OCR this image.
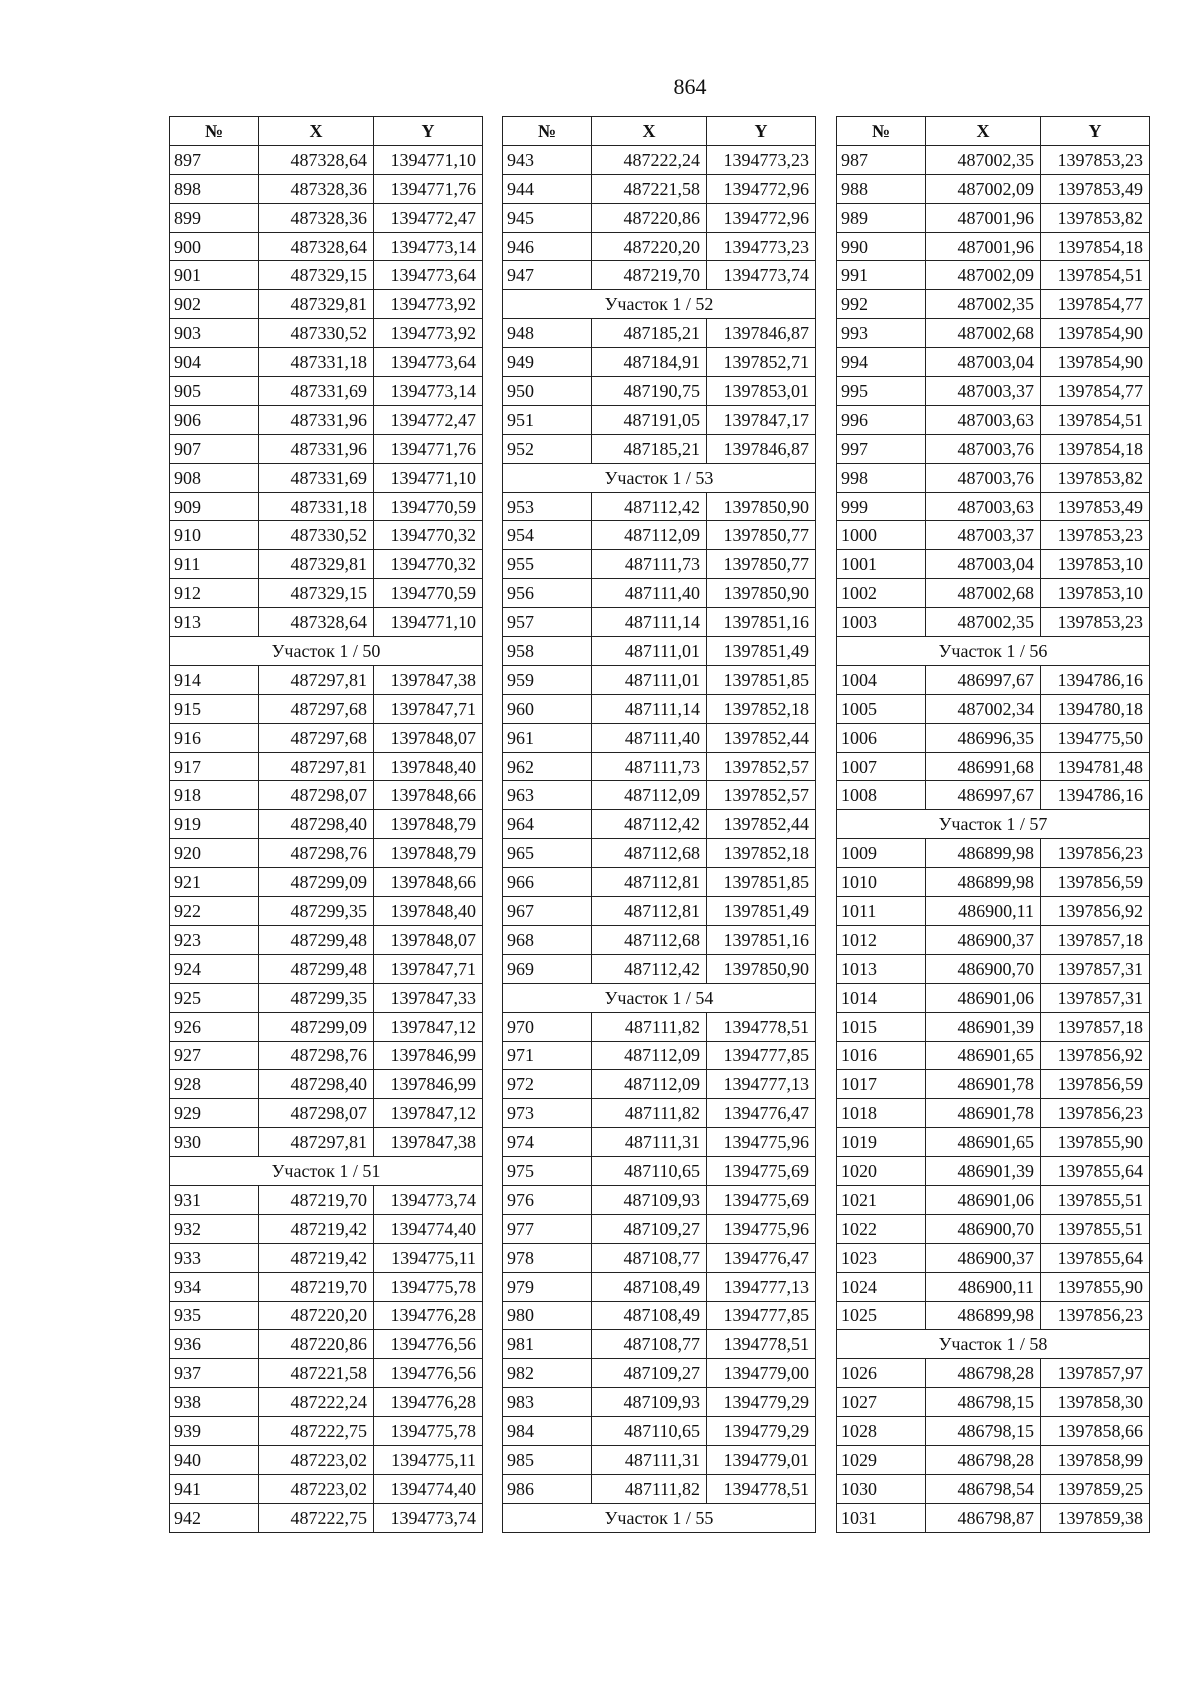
864
№	X	Y
897	487328,64	1394771,10
898	487328,36	1394771,76
899	487328,36	1394772,47
900	487328,64	1394773,14
901	487329,15	1394773,64
902	487329,81	1394773,92
903	487330,52	1394773,92
904	487331,18	1394773,64
905	487331,69	1394773,14
906	487331,96	1394772,47
907	487331,96	1394771,76
908	487331,69	1394771,10
909	487331,18	1394770,59
910	487330,52	1394770,32
911	487329,81	1394770,32
912	487329,15	1394770,59
913	487328,64	1394771,10
Участок 1 / 50		
914	487297,81	1397847,38
915	487297,68	1397847,71
916	487297,68	1397848,07
917	487297,81	1397848,40
918	487298,07	1397848,66
919	487298,40	1397848,79
920	487298,76	1397848,79
921	487299,09	1397848,66
922	487299,35	1397848,40
923	487299,48	1397848,07
924	487299,48	1397847,71
925	487299,35	1397847,33
926	487299,09	1397847,12
927	487298,76	1397846,99
928	487298,40	1397846,99
929	487298,07	1397847,12
930	487297,81	1397847,38
Участок 1 / 51		
931	487219,70	1394773,74
932	487219,42	1394774,40
933	487219,42	1394775,11
934	487219,70	1394775,78
935	487220,20	1394776,28
936	487220,86	1394776,56
937	487221,58	1394776,56
938	487222,24	1394776,28
939	487222,75	1394775,78
940	487223,02	1394775,11
941	487223,02	1394774,40
942	487222,75	1394773,74
№	X	Y
943	487222,24	1394773,23
944	487221,58	1394772,96
945	487220,86	1394772,96
946	487220,20	1394773,23
947	487219,70	1394773,74
Участок 1 / 52		
948	487185,21	1397846,87
949	487184,91	1397852,71
950	487190,75	1397853,01
951	487191,05	1397847,17
952	487185,21	1397846,87
Участок 1 / 53		
953	487112,42	1397850,90
954	487112,09	1397850,77
955	487111,73	1397850,77
956	487111,40	1397850,90
957	487111,14	1397851,16
958	487111,01	1397851,49
959	487111,01	1397851,85
960	487111,14	1397852,18
961	487111,40	1397852,44
962	487111,73	1397852,57
963	487112,09	1397852,57
964	487112,42	1397852,44
965	487112,68	1397852,18
966	487112,81	1397851,85
967	487112,81	1397851,49
968	487112,68	1397851,16
969	487112,42	1397850,90
Участок 1 / 54		
970	487111,82	1394778,51
971	487112,09	1394777,85
972	487112,09	1394777,13
973	487111,82	1394776,47
974	487111,31	1394775,96
975	487110,65	1394775,69
976	487109,93	1394775,69
977	487109,27	1394775,96
978	487108,77	1394776,47
979	487108,49	1394777,13
980	487108,49	1394777,85
981	487108,77	1394778,51
982	487109,27	1394779,00
983	487109,93	1394779,29
984	487110,65	1394779,29
985	487111,31	1394779,01
986	487111,82	1394778,51
Участок 1 / 55		
№	X	Y
987	487002,35	1397853,23
988	487002,09	1397853,49
989	487001,96	1397853,82
990	487001,96	1397854,18
991	487002,09	1397854,51
992	487002,35	1397854,77
993	487002,68	1397854,90
994	487003,04	1397854,90
995	487003,37	1397854,77
996	487003,63	1397854,51
997	487003,76	1397854,18
998	487003,76	1397853,82
999	487003,63	1397853,49
1000	487003,37	1397853,23
1001	487003,04	1397853,10
1002	487002,68	1397853,10
1003	487002,35	1397853,23
Участок 1 / 56		
1004	486997,67	1394786,16
1005	487002,34	1394780,18
1006	486996,35	1394775,50
1007	486991,68	1394781,48
1008	486997,67	1394786,16
Участок 1 / 57		
1009	486899,98	1397856,23
1010	486899,98	1397856,59
1011	486900,11	1397856,92
1012	486900,37	1397857,18
1013	486900,70	1397857,31
1014	486901,06	1397857,31
1015	486901,39	1397857,18
1016	486901,65	1397856,92
1017	486901,78	1397856,59
1018	486901,78	1397856,23
1019	486901,65	1397855,90
1020	486901,39	1397855,64
1021	486901,06	1397855,51
1022	486900,70	1397855,51
1023	486900,37	1397855,64
1024	486900,11	1397855,90
1025	486899,98	1397856,23
Участок 1 / 58		
1026	486798,28	1397857,97
1027	486798,15	1397858,30
1028	486798,15	1397858,66
1029	486798,28	1397858,99
1030	486798,54	1397859,25
1031	486798,87	1397859,38
